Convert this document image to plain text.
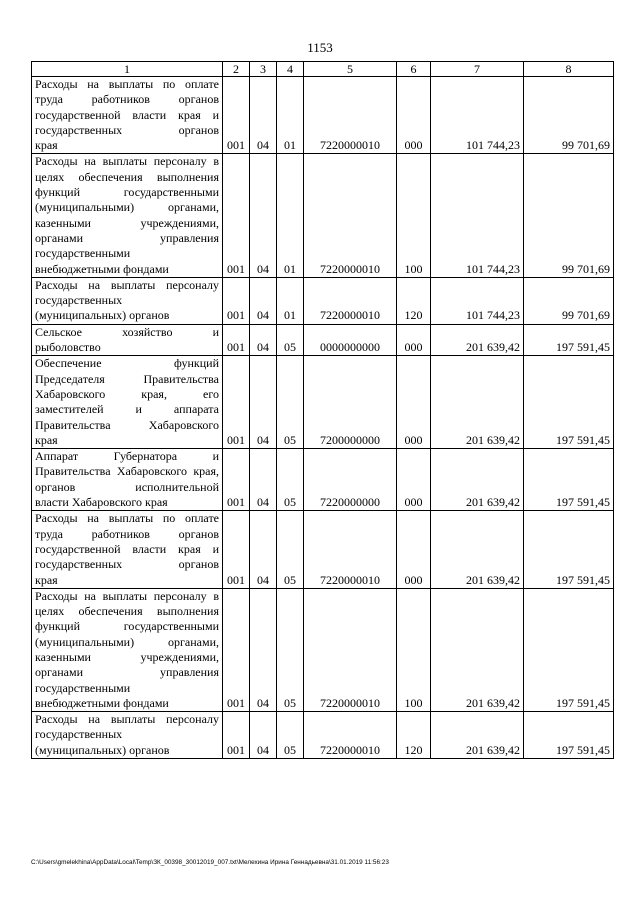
1153
1	2	3	4	5	6	7	8
Расходы на выплаты по оплате труда работников органов государственной власти края и государственных органов
края	001	04	01	7220000010	000	101 744,23	99 701,69
Расходы на выплаты персоналу в целях обеспечения выполнения функций государственными (муниципальными) органами, казенными учреждениями, органами управления государственными
внебюджетными фондами	001	04	01	7220000010	100	101 744,23	99 701,69
Расходы на выплаты персоналу государственных
(муниципальных) органов	001	04	01	7220000010	120	101 744,23	99 701,69
Сельское хозяйство и
рыболовство	001	04	05	0000000000	000	201 639,42	197 591,45
Обеспечение функций Председателя Правительства Хабаровского края, его заместителей и аппарата Правительства Хабаровского
края	001	04	05	7200000000	000	201 639,42	197 591,45
Аппарат Губернатора и Правительства Хабаровского края, органов исполнительной
власти Хабаровского края	001	04	05	7220000000	000	201 639,42	197 591,45
Расходы на выплаты по оплате труда работников органов государственной власти края и государственных органов
края	001	04	05	7220000010	000	201 639,42	197 591,45
Расходы на выплаты персоналу в целях обеспечения выполнения функций государственными (муниципальными) органами, казенными учреждениями, органами управления государственными
внебюджетными фондами	001	04	05	7220000010	100	201 639,42	197 591,45
Расходы на выплаты персоналу государственных
(муниципальных) органов	001	04	05	7220000010	120	201 639,42	197 591,45
C:\Users\gmelekhina\AppData\Local\Temp\ЗК_00398_30012019_007.txt\Мелехина Ирина Геннадьевна\31.01.2019 11:56:23
